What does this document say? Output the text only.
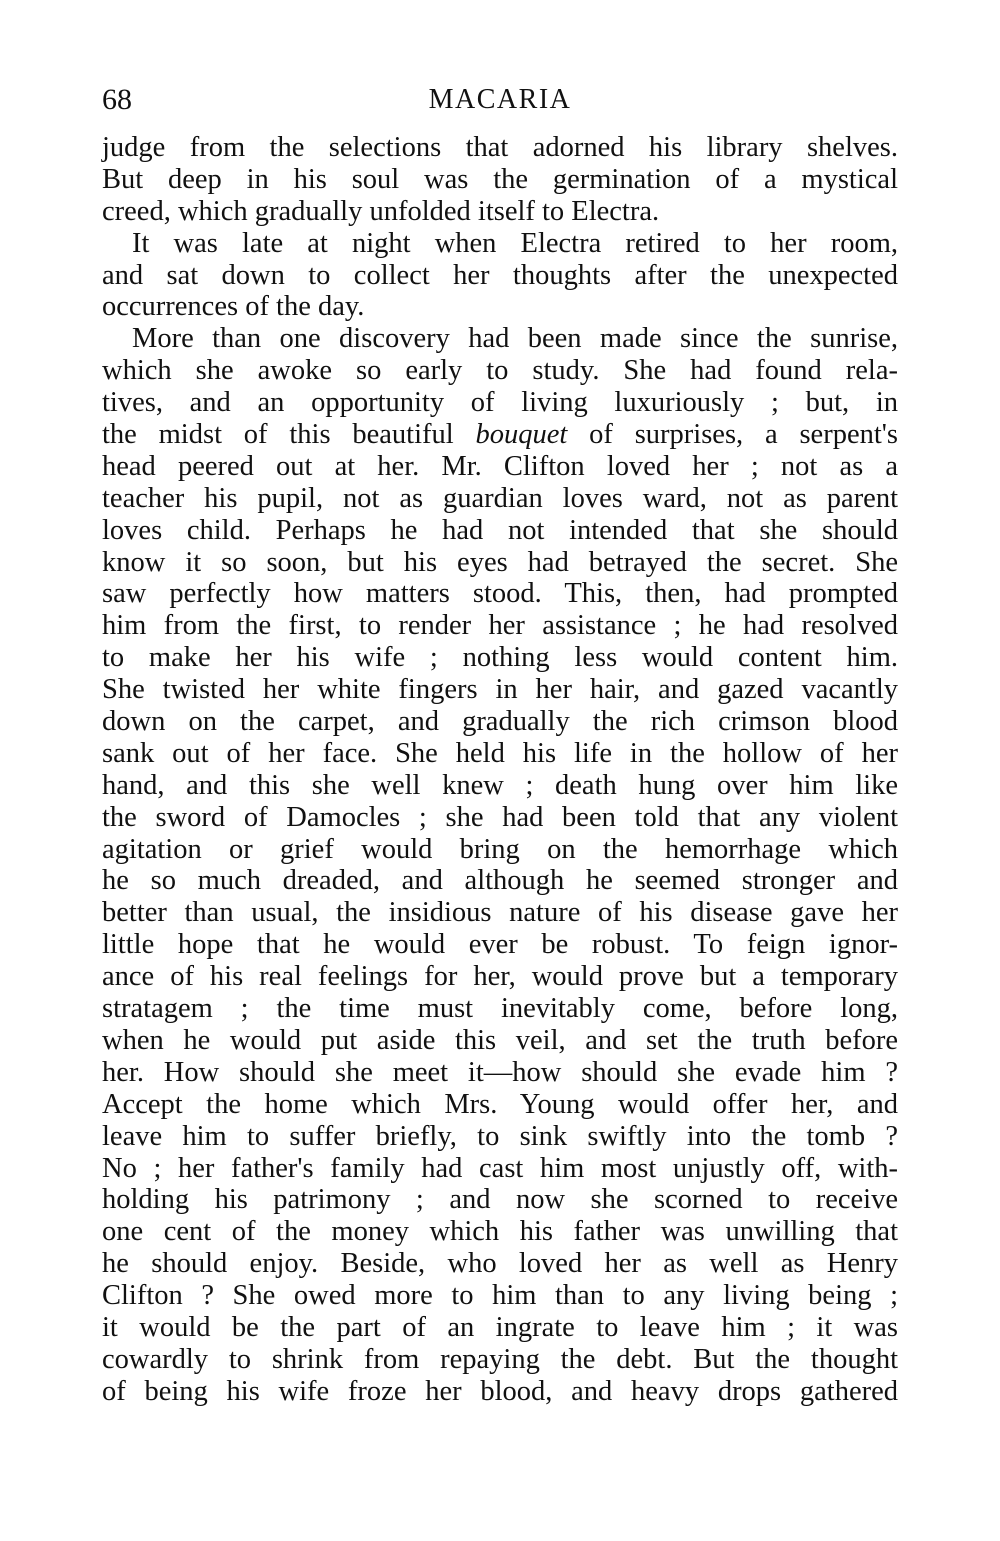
68	MACARIA
judge from the selections that adorned his library shelves.
But deep in his soul was the germination of a mystical
creed, which gradually unfolded itself to Electra.
It was late at night when Electra retired to her room,
and sat down to collect her thoughts after the unexpected
occurrences of the day.
More than one discovery had been made since the sunrise,
which she awoke so early to study. She had found rela-
tives, and an opportunity of living luxuriously ; but, in
the midst of this beautiful bouquet of surprises, a serpent's
head peered out at her. Mr. Clifton loved her ; not as a
teacher his pupil, not as guardian loves ward, not as parent
loves child. Perhaps he had not intended that she should
know it so soon, but his eyes had betrayed the secret. She
saw perfectly how matters stood. This, then, had prompted
him from the first, to render her assistance ; he had resolved
to make her his wife ; nothing less would content him.
She twisted her white fingers in her hair, and gazed vacantly
down on the carpet, and gradually the rich crimson blood
sank out of her face. She held his life in the hollow of her
hand, and this she well knew ; death hung over him like
the sword of Damocles ; she had been told that any violent
agitation or grief would bring on the hemorrhage which
he so much dreaded, and although he seemed stronger and
better than usual, the insidious nature of his disease gave her
little hope that he would ever be robust. To feign ignor-
ance of his real feelings for her, would prove but a temporary
stratagem ; the time must inevitably come, before long,
when he would put aside this veil, and set the truth before
her. How should she meet it—how should she evade him ?
Accept the home which Mrs. Young would offer her, and
leave him to suffer briefly, to sink swiftly into the tomb ?
No ; her father's family had cast him most unjustly off, with-
holding his patrimony ; and now she scorned to receive
one cent of the money which his father was unwilling that
he should enjoy. Beside, who loved her as well as Henry
Clifton ? She owed more to him than to any living being ;
it would be the part of an ingrate to leave him ; it was
cowardly to shrink from repaying the debt. But the thought
of being his wife froze her blood, and heavy drops gathered
